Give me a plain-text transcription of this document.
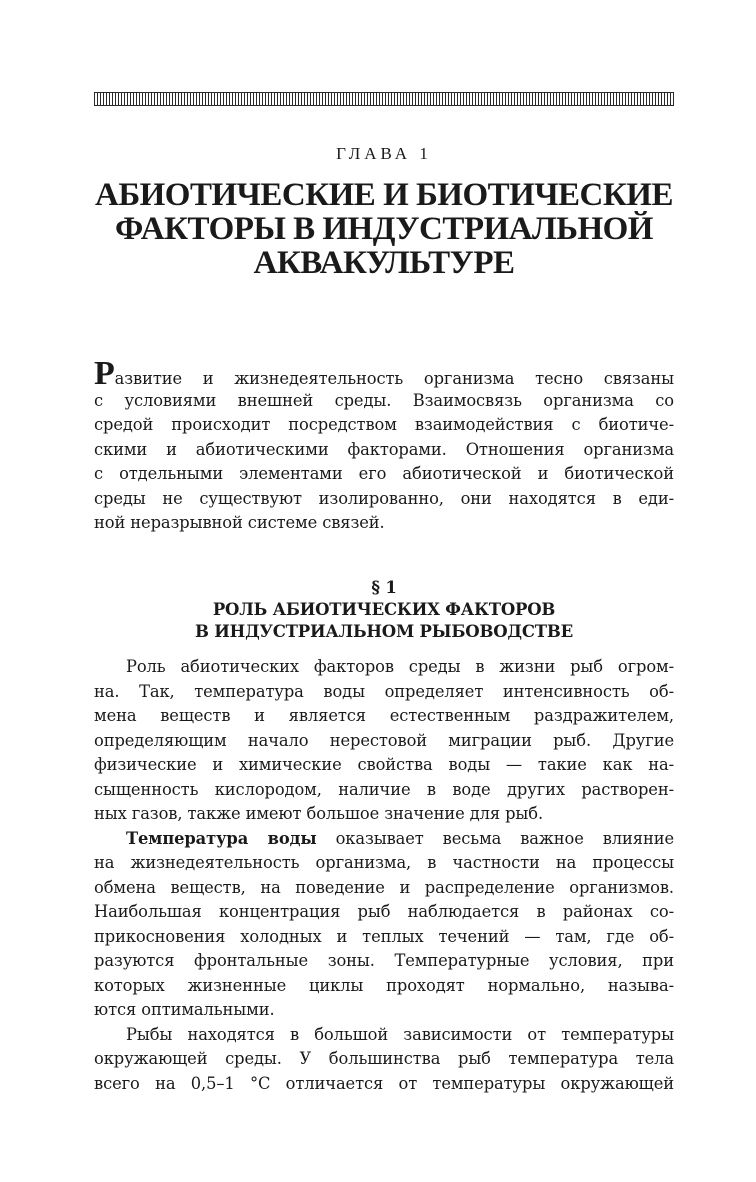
ГЛАВА 1
АБИОТИЧЕСКИЕ И БИОТИЧЕСКИЕ
ФАКТОРЫ В ИНДУСТРИАЛЬНОЙ
АКВАКУЛЬТУРЕ
Развитие и жизнедеятельность организма тесно связаны
с условиями внешней среды. Взаимосвязь организма со
средой происходит посредством взаимодействия с биотиче-
скими и абиотическими факторами. Отношения организма
с отдельными элементами его абиотической и биотической
среды не существуют изолированно, они находятся в еди-
ной неразрывной системе связей.
§ 1
РОЛЬ АБИОТИЧЕСКИХ ФАКТОРОВ
В ИНДУСТРИАЛЬНОМ РЫБОВОДСТВЕ
Роль абиотических факторов среды в жизни рыб огром-
на. Так, температура воды определяет интенсивность об-
мена веществ и является естественным раздражителем,
определяющим начало нерестовой миграции рыб. Другие
физические и химические свойства воды — такие как на-
сыщенность кислородом, наличие в воде других растворен-
ных газов, также имеют большое значение для рыб.
Температура воды оказывает весьма важное влияние
на жизнедеятельность организма, в частности на процессы
обмена веществ, на поведение и распределение организмов.
Наибольшая концентрация рыб наблюдается в районах со-
прикосновения холодных и теплых течений — там, где об-
разуются фронтальные зоны. Температурные условия, при
которых жизненные циклы проходят нормально, называ-
ются оптимальными.
Рыбы находятся в большой зависимости от температуры
окружающей среды. У большинства рыб температура тела
всего на 0,5–1 °С отличается от температуры окружающей
